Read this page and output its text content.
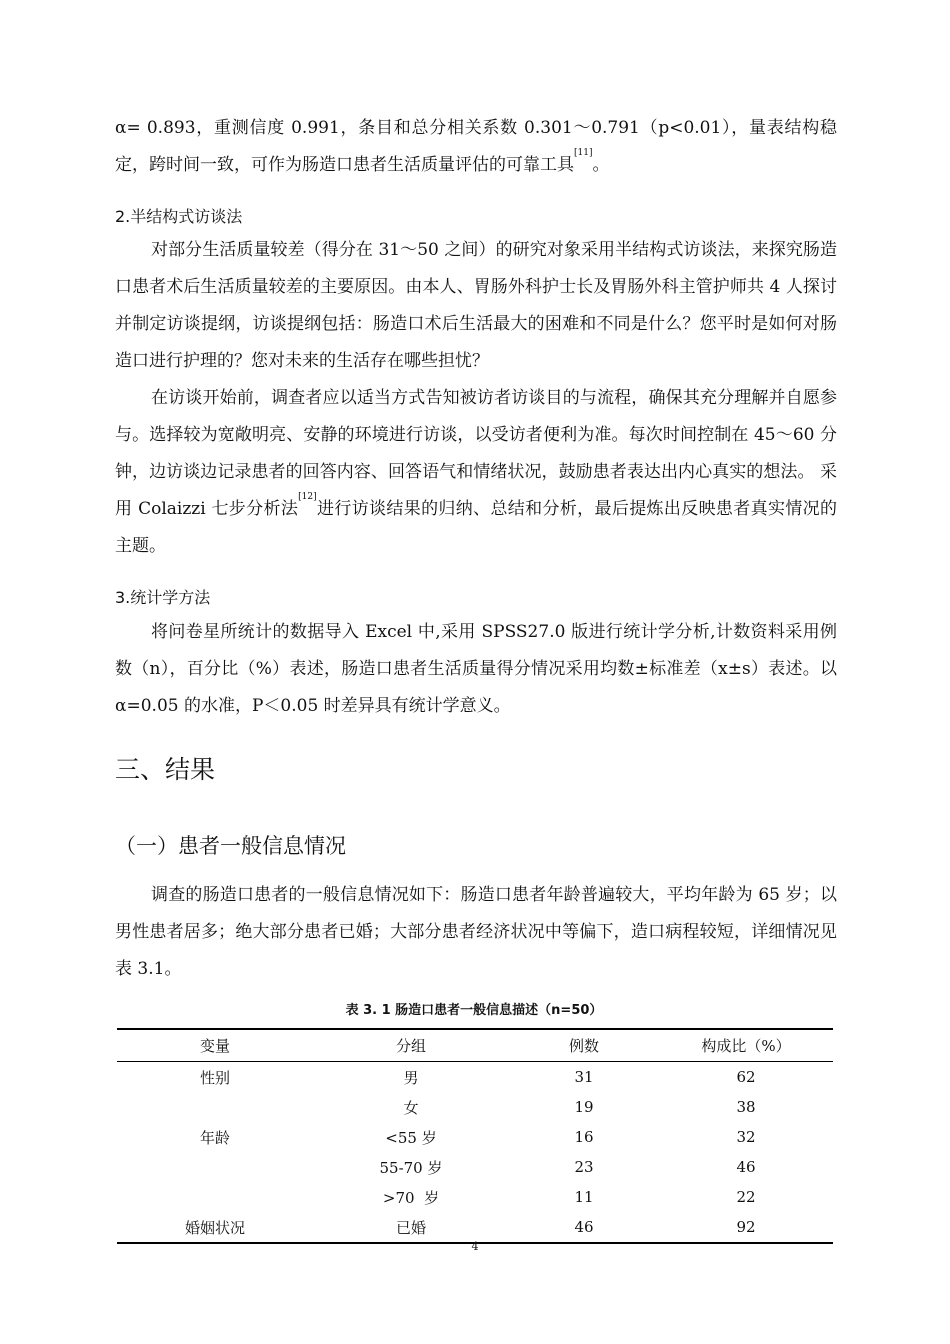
α= 0.893，重测信度 0.991，条目和总分相关系数 0.301～0.791（p<0.01），量表结构稳定，跨时间一致，可作为肠造口患者生活质量评估的可靠工具[11]。

2.半结构式访谈法

对部分生活质量较差（得分在 31～50 之间）的研究对象采用半结构式访谈法，来探究肠造口患者术后生活质量较差的主要原因。由本人、胃肠外科护士长及胃肠外科主管护师共 4 人探讨并制定访谈提纲，访谈提纲包括：肠造口术后生活最大的困难和不同是什么？您平时是如何对肠造口进行护理的？您对未来的生活存在哪些担忧？

在访谈开始前，调查者应以适当方式告知被访者访谈目的与流程，确保其充分理解并自愿参与。选择较为宽敞明亮、安静的环境进行访谈，以受访者便利为准。每次时间控制在 45～60 分钟，边访谈边记录患者的回答内容、回答语气和情绪状况，鼓励患者表达出内心真实的想法。 采用 Colaizzi 七步分析法[12]进行访谈结果的归纳、总结和分析，最后提炼出反映患者真实情况的主题。

3.统计学方法

将问卷星所统计的数据导入 Excel 中,采用 SPSS27.0 版进行统计学分析,计数资料采用例数（n），百分比（%）表述，肠造口患者生活质量得分情况采用均数±标准差（x±s）表述。以 α=0.05 的水准，P＜0.05 时差异具有统计学意义。

三、结果

（一）患者一般信息情况

调查的肠造口患者的一般信息情况如下：肠造口患者年龄普遍较大，平均年龄为 65 岁；以男性患者居多；绝大部分患者已婚；大部分患者经济状况中等偏下，造口病程较短，详细情况见表 3.1。

表 3. 1 肠造口患者一般信息描述（n=50）

变量	分组	例数	构成比（%）
性别	男	31	62
	女	19	38
年龄	<55 岁	16	32
	55-70 岁	23	46
	>70  岁	11	22
婚姻状况	已婚	46	92

4
